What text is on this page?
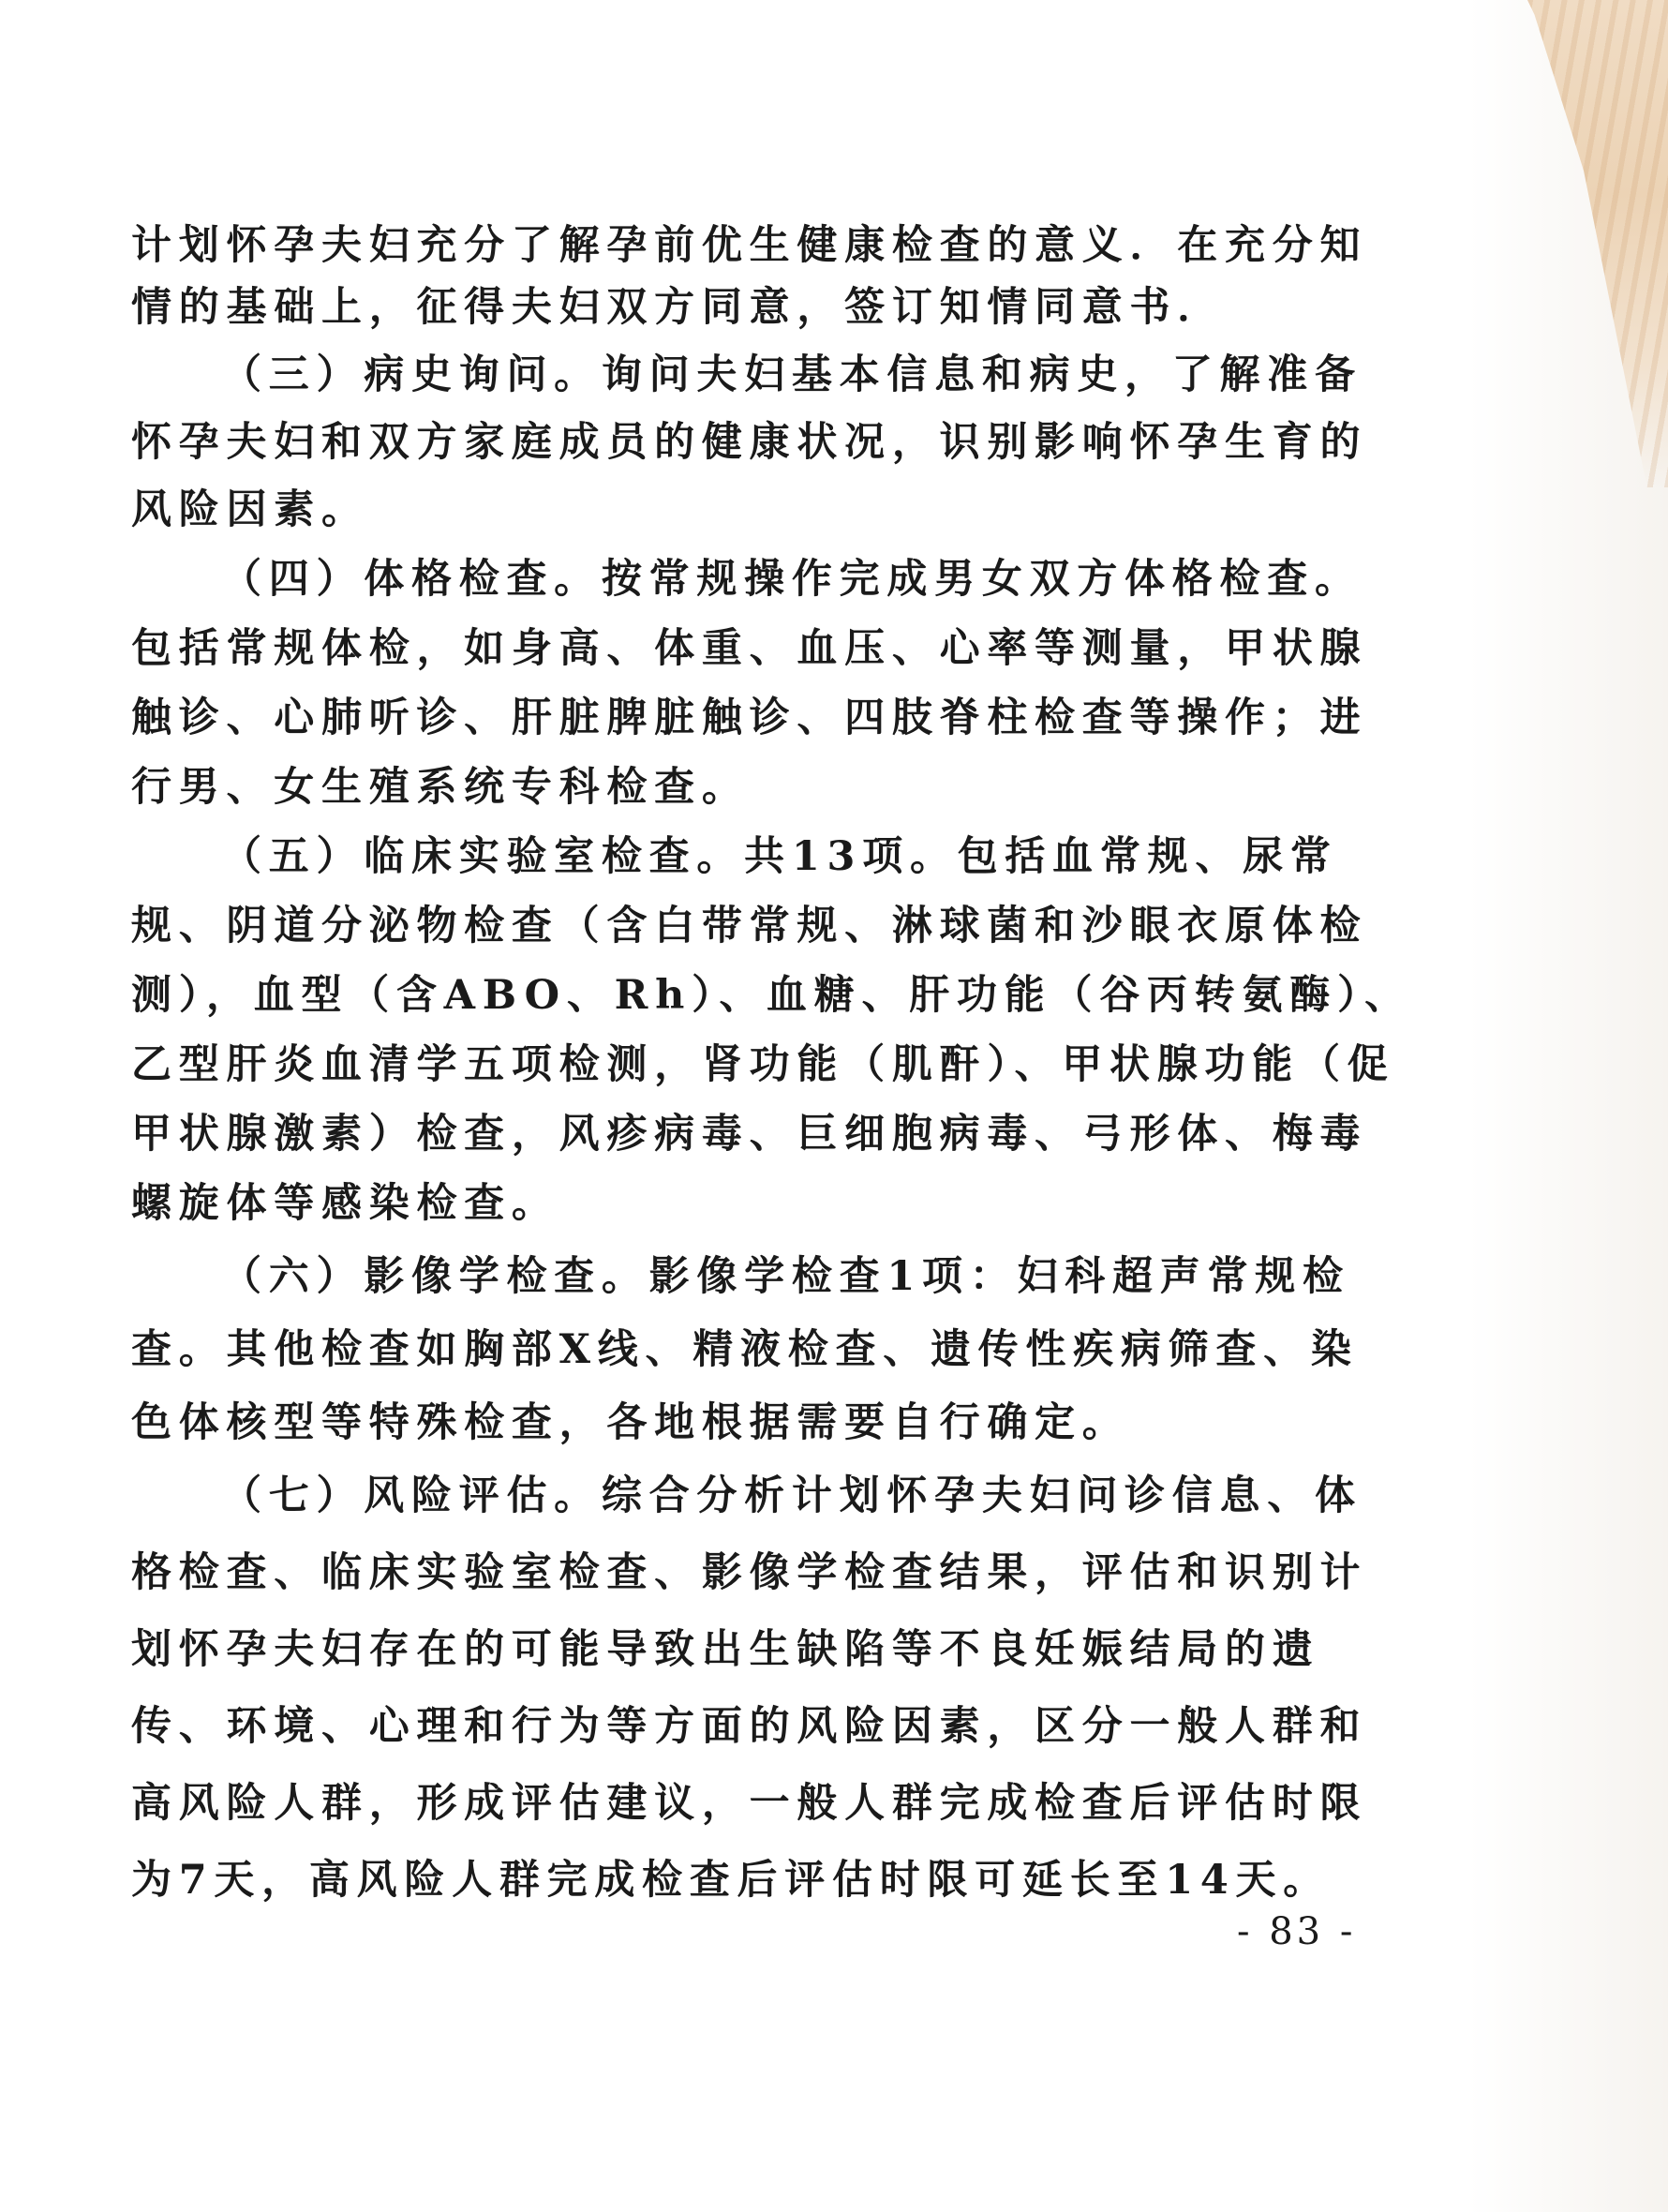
计划怀孕夫妇充分了解孕前优生健康检查的意义．在充分知
情的基础上，征得夫妇双方同意，签订知情同意书．
（三）病史询问。询问夫妇基本信息和病史，了解准备
怀孕夫妇和双方家庭成员的健康状况，识别影响怀孕生育的
风险因素。
（四）体格检查。按常规操作完成男女双方体格检查。
包括常规体检，如身高、体重、血压、心率等测量，甲状腺
触诊、心肺听诊、肝脏脾脏触诊、四肢脊柱检查等操作；进
行男、女生殖系统专科检查。
（五）临床实验室检查。共13项。包括血常规、尿常
规、阴道分泌物检查（含白带常规、淋球菌和沙眼衣原体检
测），血型（含ABO、Rh）、血糖、肝功能（谷丙转氨酶）、
乙型肝炎血清学五项检测，肾功能（肌酐）、甲状腺功能（促
甲状腺激素）检查，风疹病毒、巨细胞病毒、弓形体、梅毒
螺旋体等感染检查。
（六）影像学检查。影像学检查1项：妇科超声常规检
查。其他检查如胸部X线、精液检查、遗传性疾病筛查、染
色体核型等特殊检查，各地根据需要自行确定。
（七）风险评估。综合分析计划怀孕夫妇问诊信息、体
格检查、临床实验室检查、影像学检查结果，评估和识别计
划怀孕夫妇存在的可能导致出生缺陷等不良妊娠结局的遗
传、环境、心理和行为等方面的风险因素，区分一般人群和
高风险人群，形成评估建议，一般人群完成检查后评估时限
为7天，高风险人群完成检查后评估时限可延长至14天。
- 83 -
